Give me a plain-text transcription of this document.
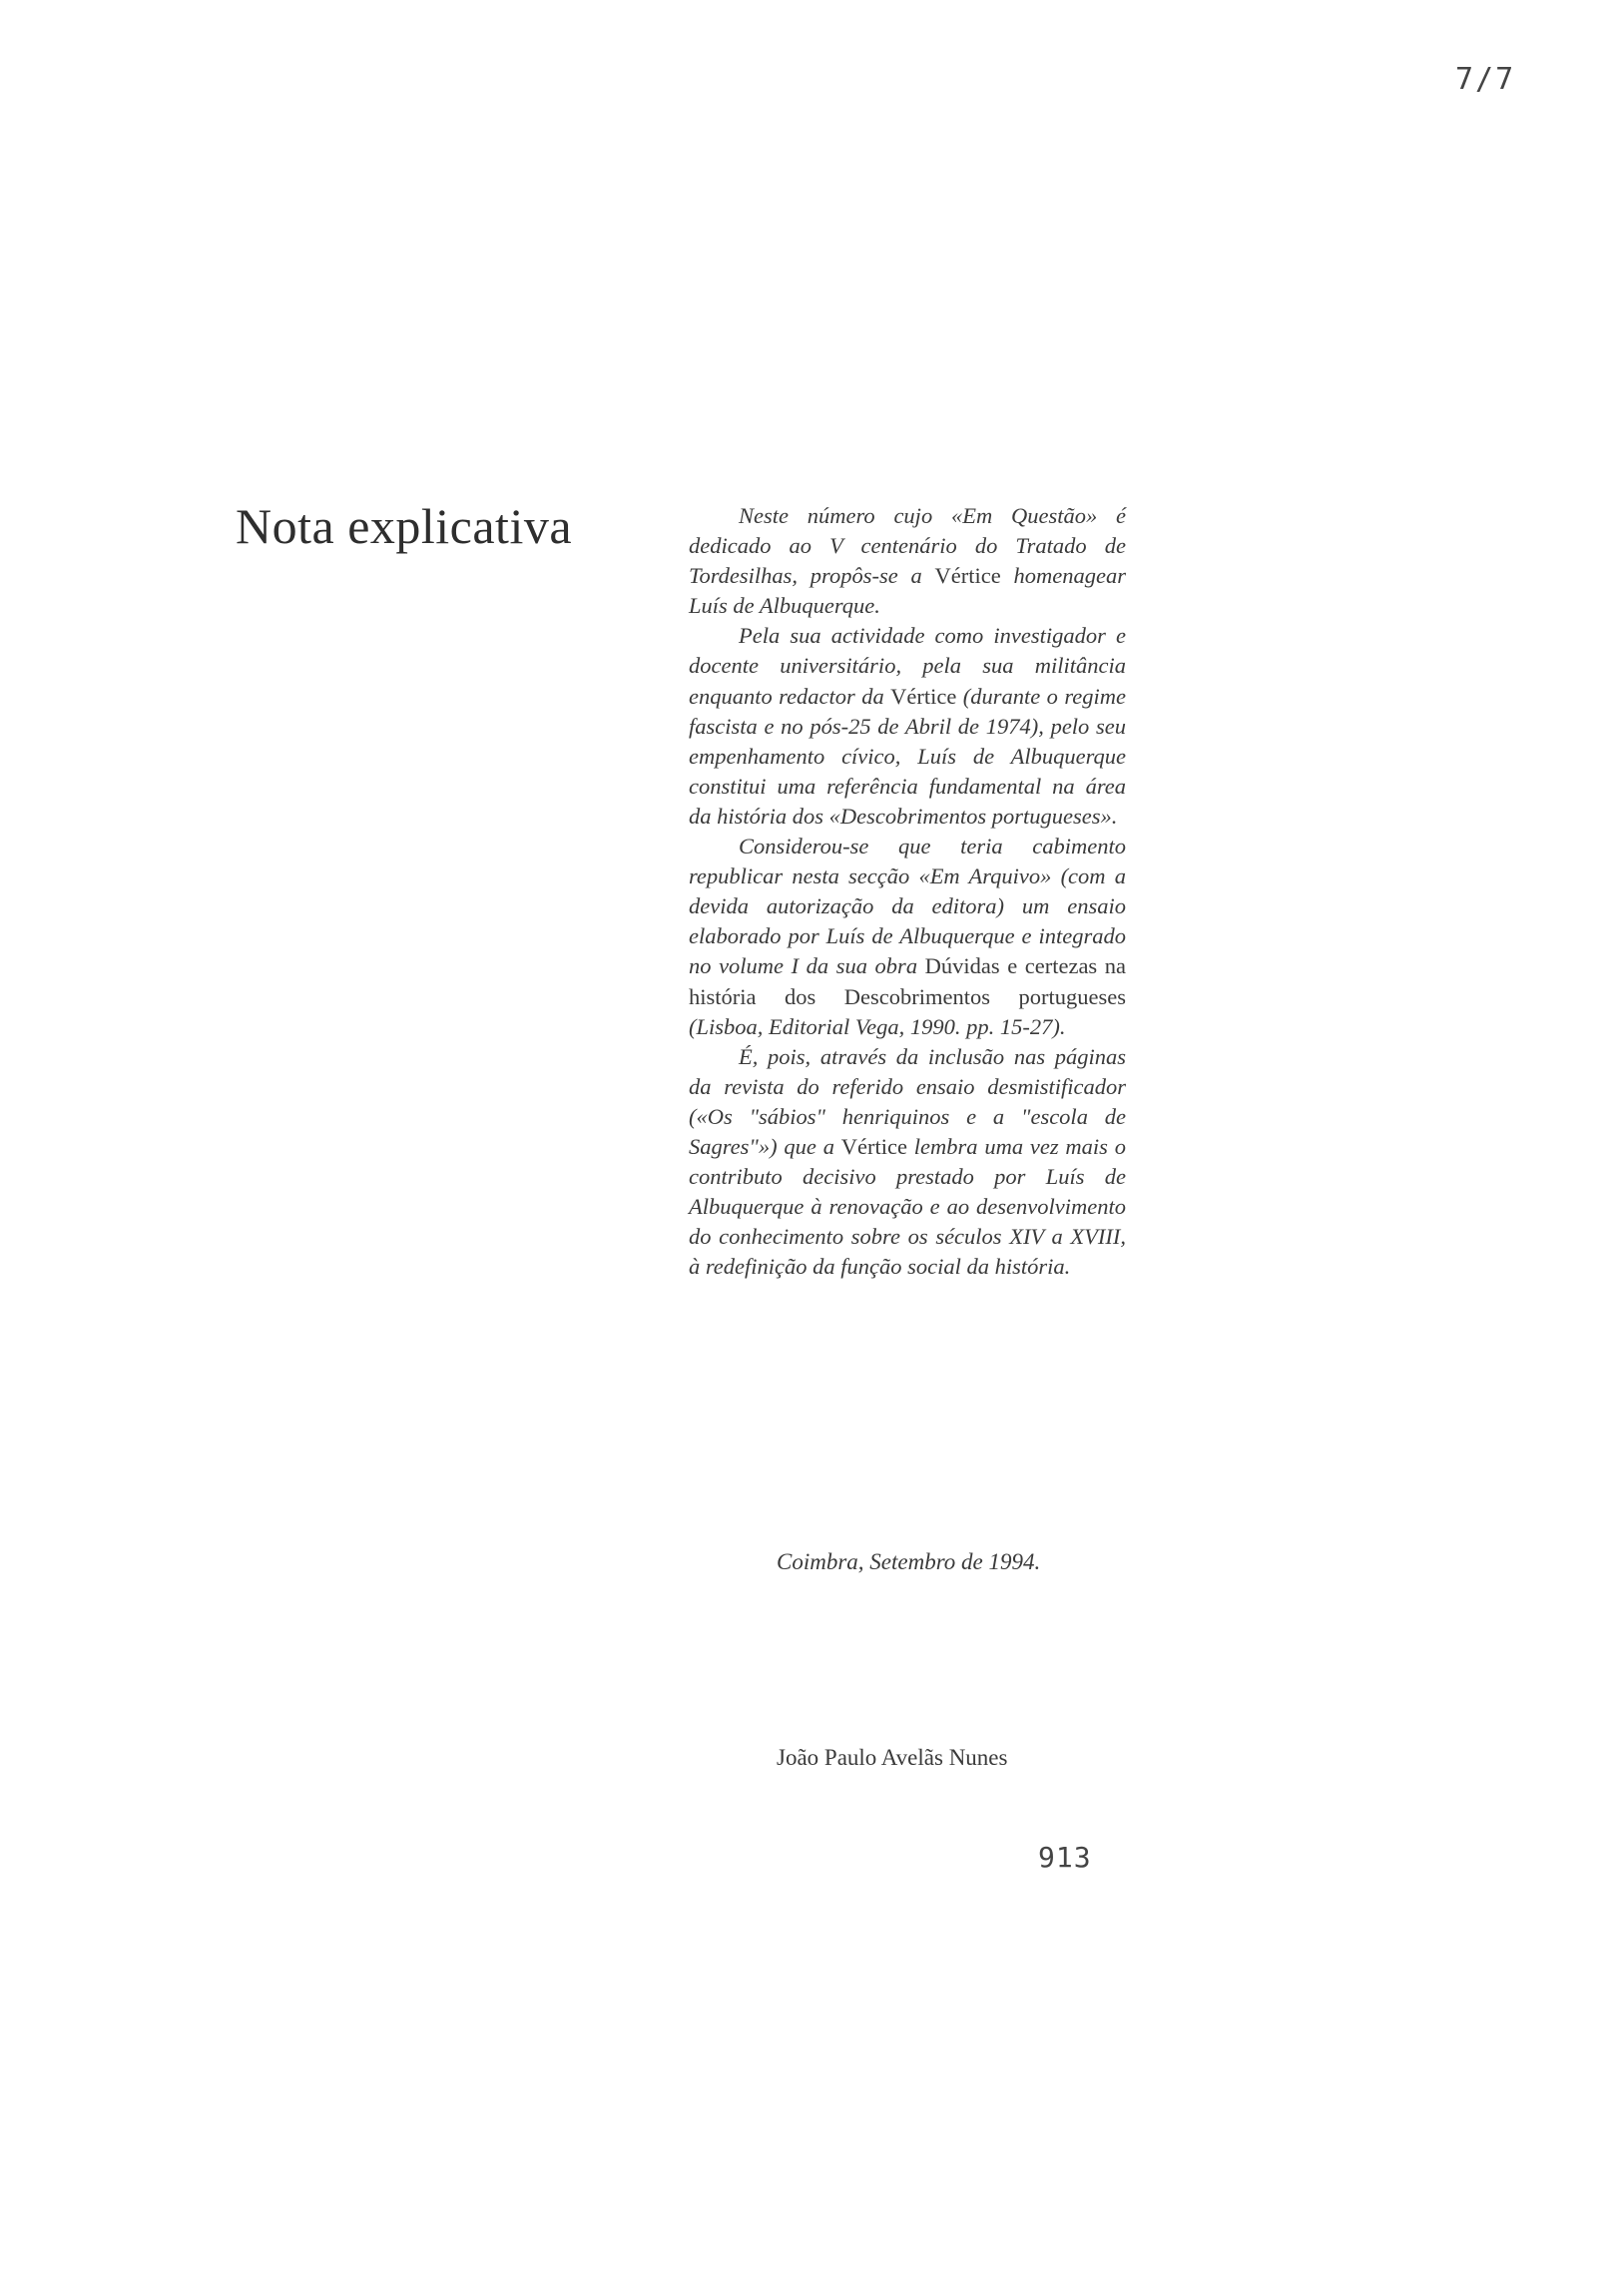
7/7
Nota explicativa	Neste número cujo «Em Questão» é dedicado ao V centenário do Tratado de Tordesilhas, propôs-se a Vértice homenagear Luís de Albuquerque.

Pela sua actividade como investigador e docente universitário, pela sua militância enquanto redactor da Vértice (durante o regime fascista e no pós-25 de Abril de 1974), pelo seu empenhamento cívico, Luís de Albuquerque constitui uma referência fundamental na área da história dos «Descobrimentos portugueses».

Considerou-se que teria cabimento republicar nesta secção «Em Arquivo» (com a devida autorização da editora) um ensaio elaborado por Luís de Albuquerque e integrado no volume I da sua obra Dúvidas e certezas na história dos Descobrimentos portugueses (Lisboa, Editorial Vega, 1990. pp. 15-27).

É, pois, através da inclusão nas páginas da revista do referido ensaio desmistificador («Os "sábios" henriquinos e a "escola de Sagres"») que a Vértice lembra uma vez mais o contributo decisivo prestado por Luís de Albuquerque à renovação e ao desenvolvimento do conhecimento sobre os séculos XIV a XVIII, à redefinição da função social da história.

Coimbra, Setembro de 1994.
João Paulo Avelãs Nunes
913
